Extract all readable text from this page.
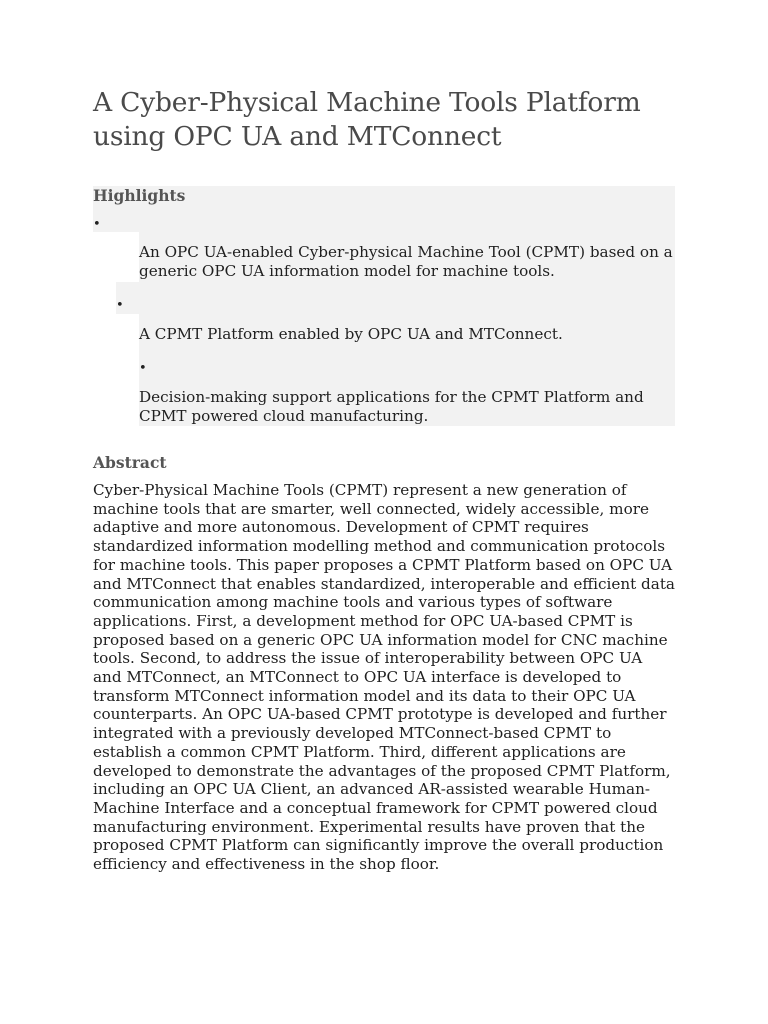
A Cyber-Physical Machine Tools Platform using OPC UA and MTConnect
Highlights
•

An OPC UA-enabled Cyber-physical Machine Tool (CPMT) based on a generic OPC UA information model for machine tools.

•

A CPMT Platform enabled by OPC UA and MTConnect.

•

Decision-making support applications for the CPMT Platform and CPMT powered cloud manufacturing.

Abstract

Cyber-Physical Machine Tools (CPMT) represent a new generation of machine tools that are smarter, well connected, widely accessible, more adaptive and more autonomous. Development of CPMT requires standardized information modelling method and communication protocols for machine tools. This paper proposes a CPMT Platform based on OPC UA and MTConnect that enables standardized, interoperable and efficient data communication among machine tools and various types of software applications. First, a development method for OPC UA-based CPMT is proposed based on a generic OPC UA information model for CNC machine tools. Second, to address the issue of interoperability between OPC UA and MTConnect, an MTConnect to OPC UA interface is developed to transform MTConnect information model and its data to their OPC UA counterparts. An OPC UA-based CPMT prototype is developed and further integrated with a previously developed MTConnect-based CPMT to establish a common CPMT Platform. Third, different applications are developed to demonstrate the advantages of the proposed CPMT Platform, including an OPC UA Client, an advanced AR-assisted wearable Human-Machine Interface and a conceptual framework for CPMT powered cloud manufacturing environment. Experimental results have proven that the proposed CPMT Platform can significantly improve the overall production efficiency and effectiveness in the shop floor.
